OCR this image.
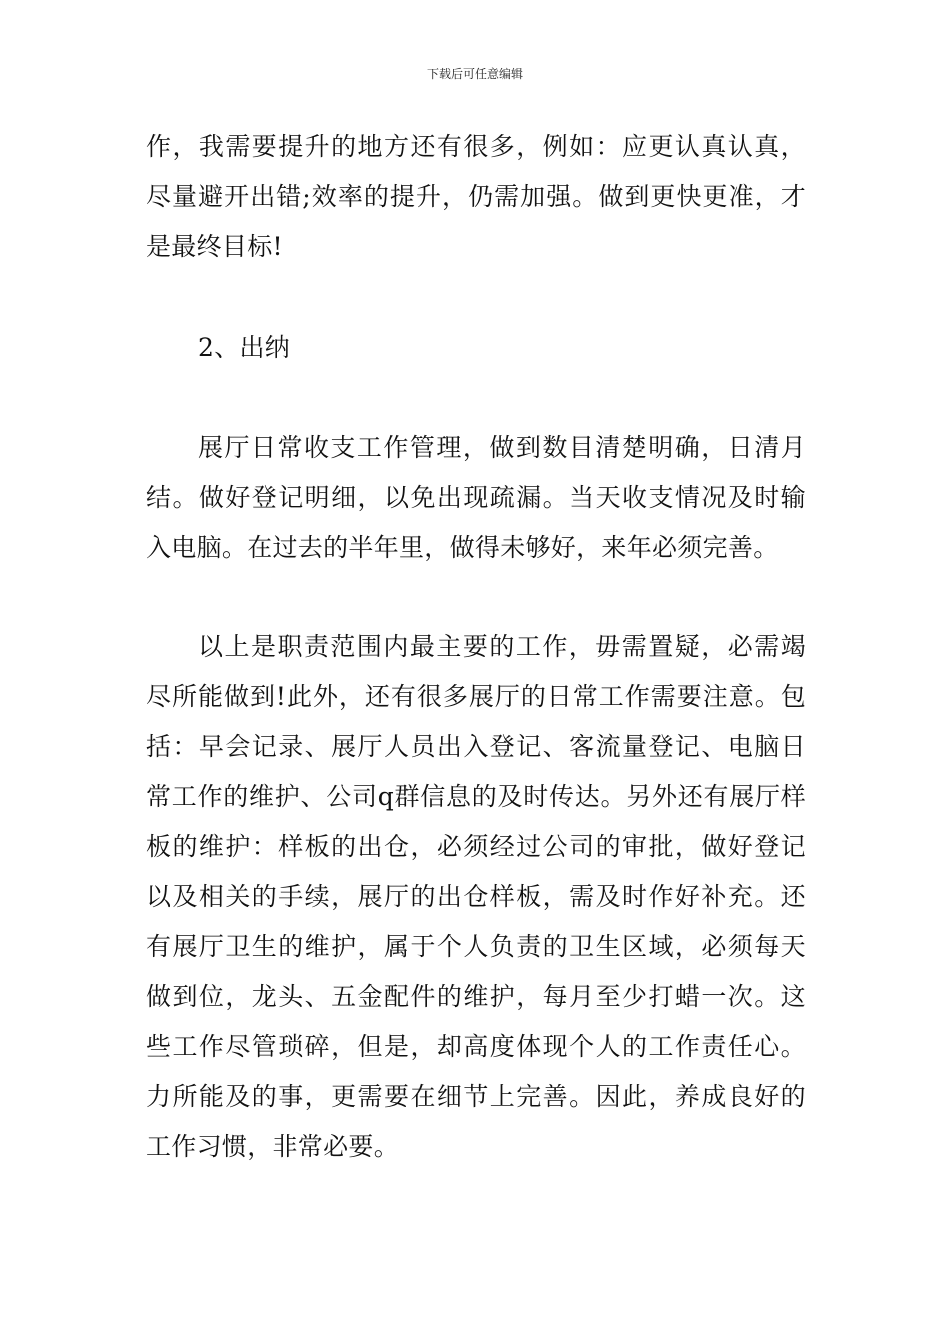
下载后可任意编辑
作，我需要提升的地方还有很多，例如：应更认真认真，
尽量避开出错;效率的提升，仍需加强。做到更快更准，才
是最终目标!
2、出纳
展厅日常收支工作管理，做到数目清楚明确，日清月
结。做好登记明细，以免出现疏漏。当天收支情况及时输
入电脑。在过去的半年里，做得未够好，来年必须完善。
以上是职责范围内最主要的工作，毋需置疑，必需竭
尽所能做到!此外，还有很多展厅的日常工作需要注意。包
括：早会记录、展厅人员出入登记、客流量登记、电脑日
常工作的维护、公司q群信息的及时传达。另外还有展厅样
板的维护：样板的出仓，必须经过公司的审批，做好登记
以及相关的手续，展厅的出仓样板，需及时作好补充。还
有展厅卫生的维护，属于个人负责的卫生区域，必须每天
做到位，龙头、五金配件的维护，每月至少打蜡一次。这
些工作尽管琐碎，但是，却高度体现个人的工作责任心。
力所能及的事，更需要在细节上完善。因此，养成良好的
工作习惯，非常必要。
